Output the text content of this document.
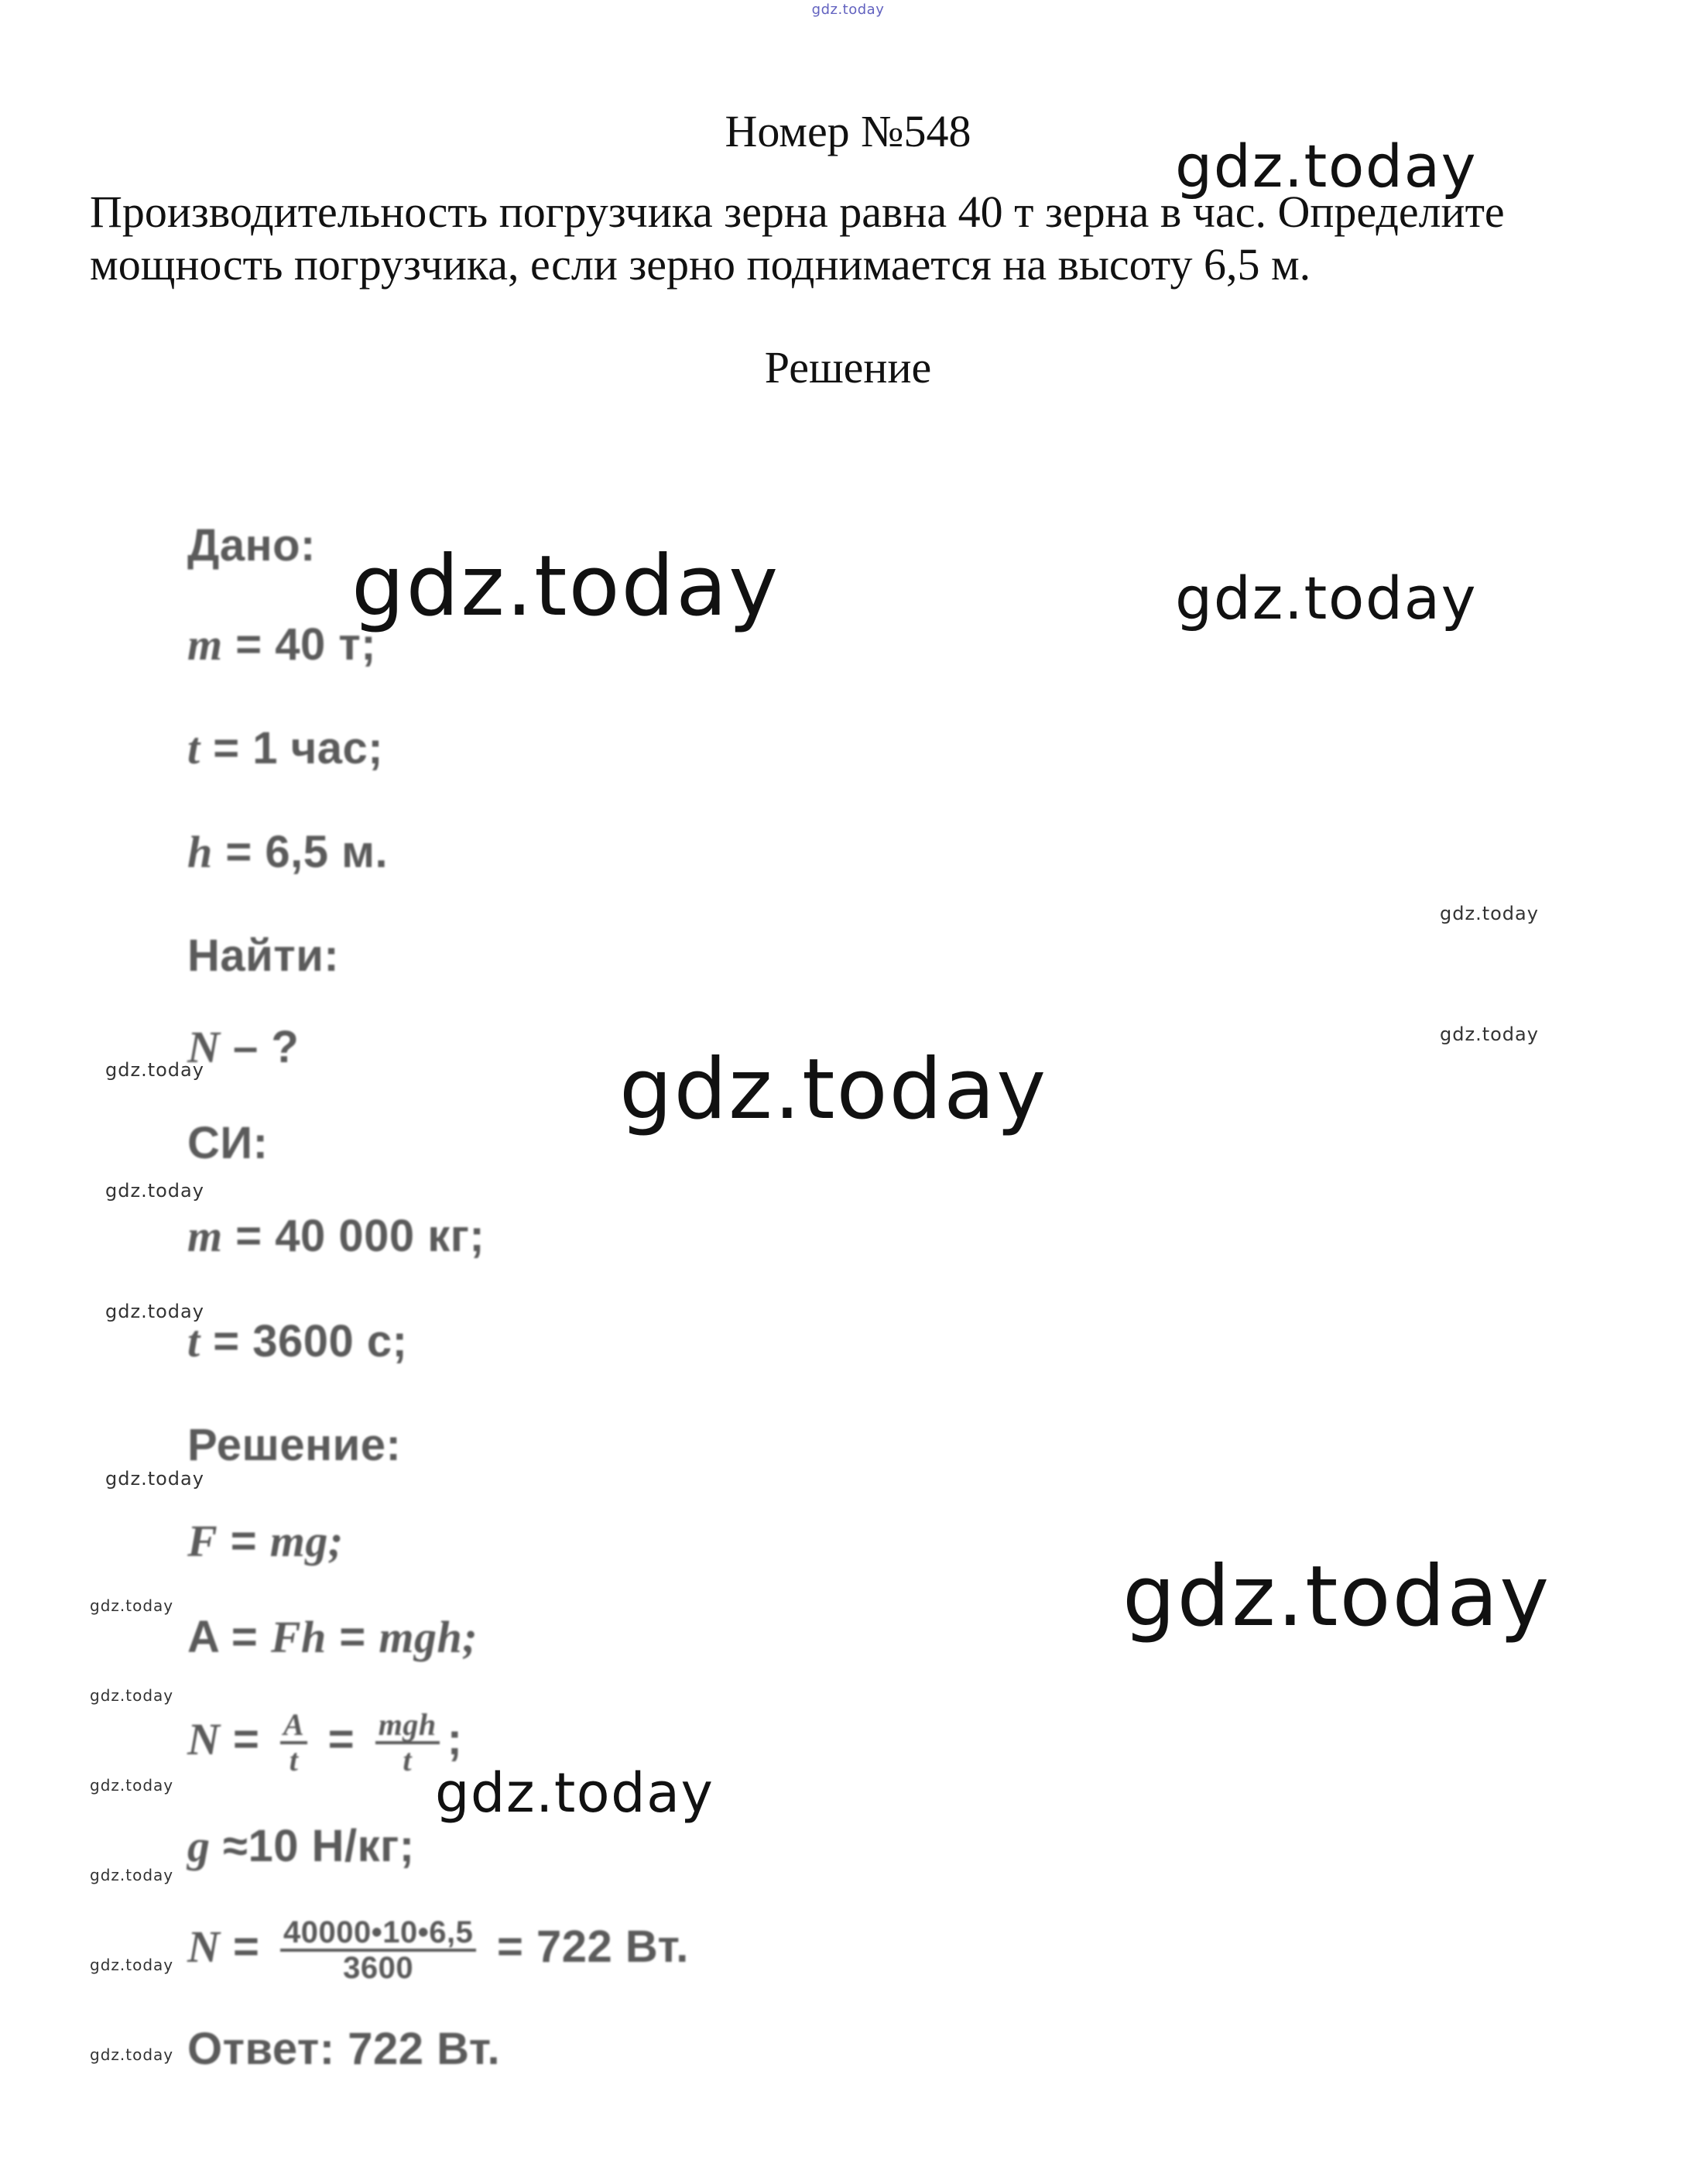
gdz.today
Номер №548
Производительность погрузчика зерна равна 40 т зерна в час. Определите
мощность погрузчика, если зерно поднимается на высоту 6,5 м.
Решение
Дано:
m = 40 т;
t = 1 час;
h = 6,5 м.
Найти:
N – ?
СИ:
m = 40 000 кг;
t = 3600 с;
Решение:
F = mg;
A = Fh = mgh;
$N = \frac{A}{t} = \frac{\text{mgh}}{t}$ ;
g ≈10 Н/кг;
$N = \frac{40000•10•6,5}{3600} = 722$ Вт.
Ответ: 722 Вт.
gdz.today
gdz.today	gdz.today
gdz.today
gdz.today
gdz.today	gdz.today
gdz.today
gdz.today
gdz.today
gdz.today
gdz.today
gdz.today
gdz.today
gdz.today
gdz.today
gdz.today
gdz.today
